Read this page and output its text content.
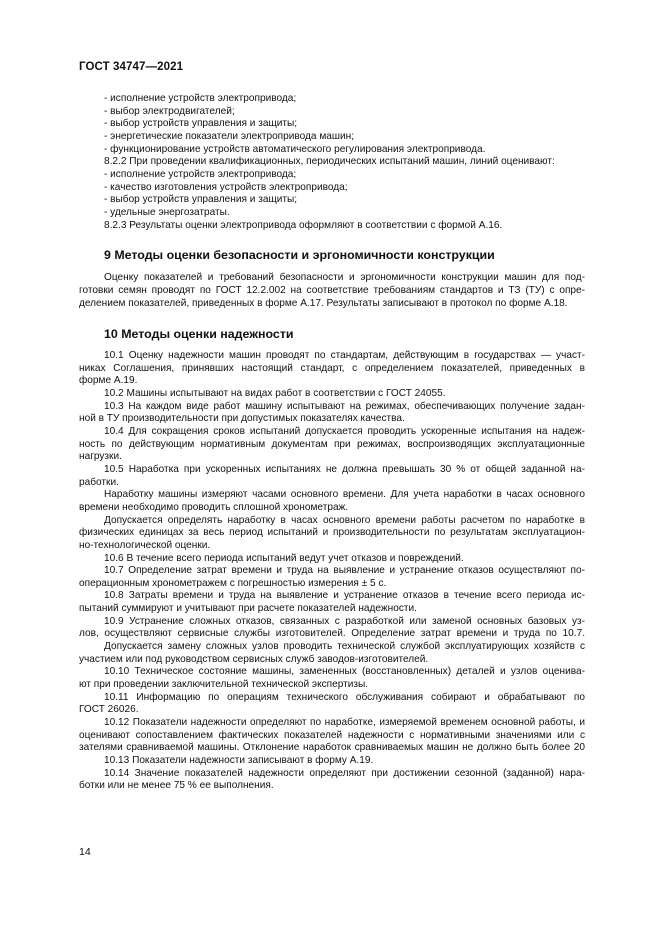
ГОСТ 34747—2021
- исполнение устройств электропривода;
- выбор электродвигателей;
- выбор устройств управления и защиты;
- энергетические показатели электропривода машин;
- функционирование устройств автоматического регулирования электропривода.
8.2.2 При проведении квалификационных, периодических испытаний машин, линий оценивают:
- исполнение устройств электропривода;
- качество изготовления устройств электропривода;
- выбор устройств управления и защиты;
- удельные энергозатраты.
8.2.3 Результаты оценки электропривода оформляют в соответствии с формой А.16.
9 Методы оценки безопасности и эргономичности конструкции
Оценку показателей и требований безопасности и эргономичности конструкции машин для под-
готовки семян проводят по ГОСТ 12.2.002 на соответствие требованиям стандартов и ТЗ (ТУ) с опре-
делением показателей, приведенных в форме А.17. Результаты записывают в протокол по форме А.18.
10 Методы оценки надежности
10.1 Оценку надежности машин проводят по стандартам, действующим в государствах — участ-
никах Соглашения, принявших настоящий стандарт, с определением показателей, приведенных в
форме А.19.
10.2 Машины испытывают на видах работ в соответствии с ГОСТ 24055.
10.3 На каждом виде работ машину испытывают на режимах, обеспечивающих получение задан-
ной в ТУ производительности при допустимых показателях качества.
10.4 Для сокращения сроков испытаний допускается проводить ускоренные испытания на надеж-
ность по действующим нормативным документам при режимах, воспроизводящих эксплуатационные
нагрузки.
10.5 Наработка при ускоренных испытаниях не должна превышать 30 % от общей заданной на-
работки.
Наработку машины измеряют часами основного времени. Для учета наработки в часах основного
времени необходимо проводить сплошной хронометраж.
Допускается определять наработку в часах основного времени работы расчетом по наработке в
физических единицах за весь период испытаний и производительности по результатам эксплуатацион-
но-технологической оценки.
10.6 В течение всего периода испытаний ведут учет отказов и повреждений.
10.7 Определение затрат времени и труда на выявление и устранение отказов осуществляют по-
операционным хронометражем с погрешностью измерения ± 5 с.
10.8 Затраты времени и труда на выявление и устранение отказов в течение всего периода ис-
пытаний суммируют и учитывают при расчете показателей надежности.
10.9 Устранение сложных отказов, связанных с разработкой или заменой основных базовых уз-
лов, осуществляют сервисные службы изготовителей. Определение затрат времени и труда по 10.7.
Допускается замену сложных узлов проводить технической службой эксплуатирующих хозяйств с
участием или под руководством сервисных служб заводов-изготовителей.
10.10 Техническое состояние машины, замененных (восстановленных) деталей и узлов оценива-
ют при проведении заключительной технической экспертизы.
10.11 Информацию по операциям технического обслуживания собирают и обрабатывают по
ГОСТ 26026.
10.12 Показатели надежности определяют по наработке, измеряемой временем основной работы, и
оценивают сопоставлением фактических показателей надежности с нормативными значениями или с
зателями сравниваемой машины. Отклонение наработок сравниваемых машин не должно быть более 20
10.13 Показатели надежности записывают в форму А.19.
10.14 Значение показателей надежности определяют при достижении сезонной (заданной) нара-
ботки или не менее 75 % ее выполнения.
14
